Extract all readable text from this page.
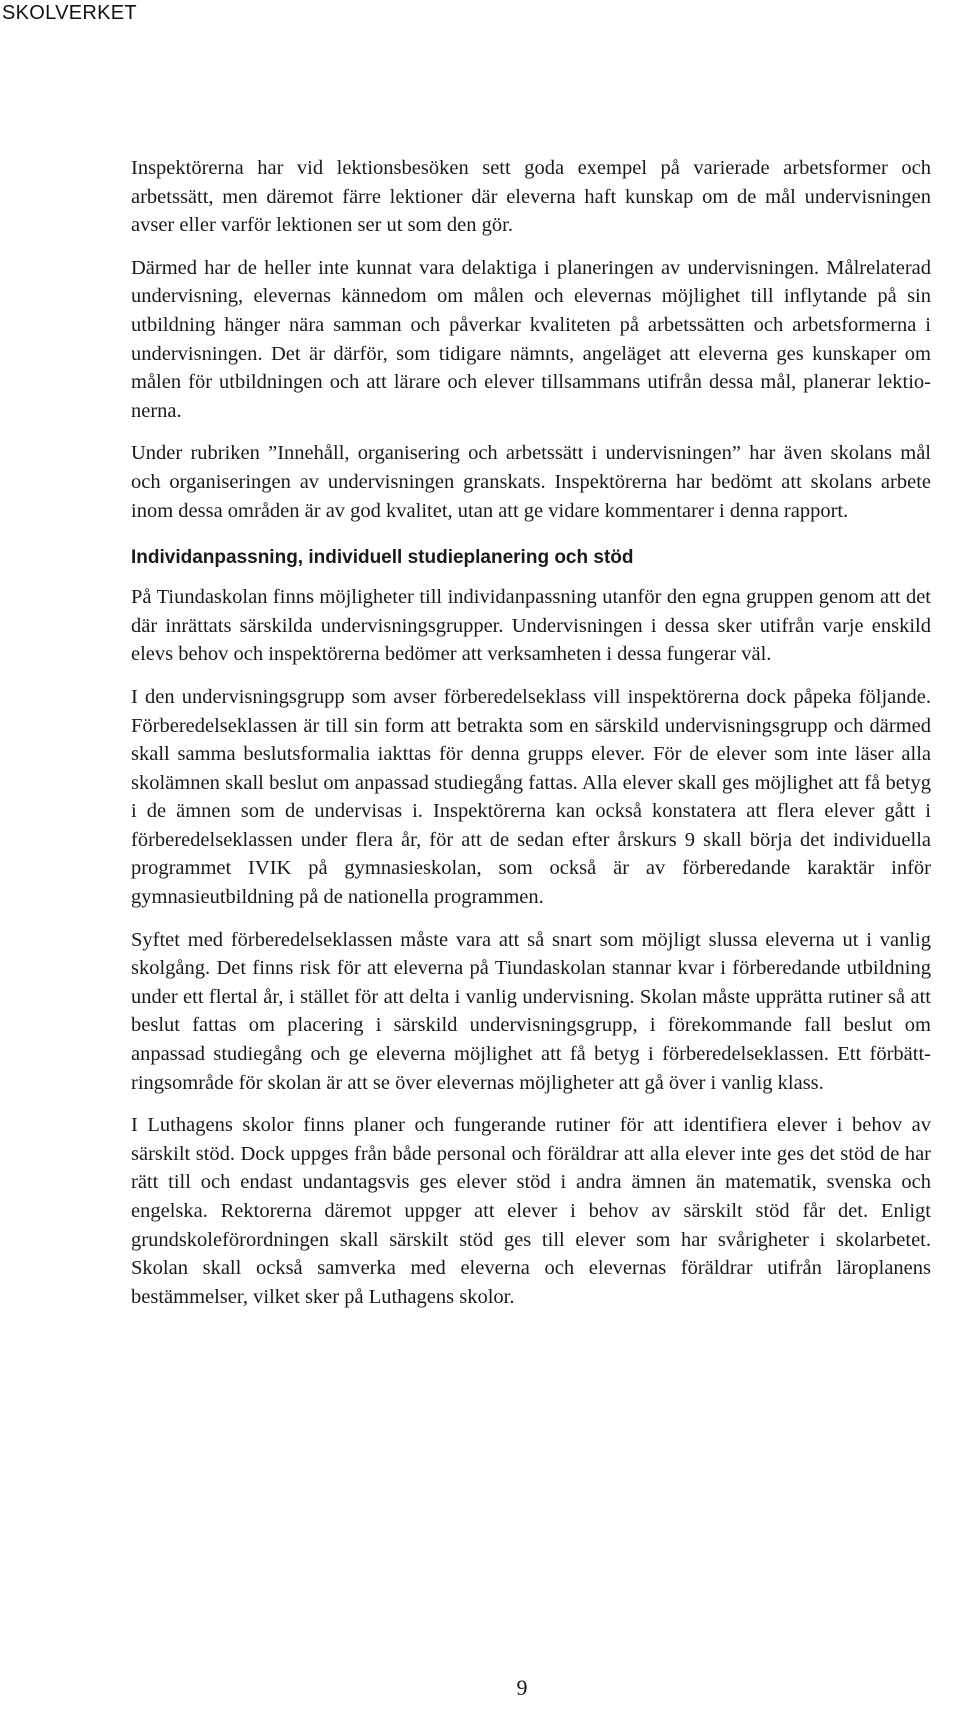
SKOLVERKET

Inspektörerna har vid lektionsbesöken sett goda exempel på varierade arbetsformer och arbetssätt, men däremot färre lektioner där eleverna haft kunskap om de mål undervisningen avser eller varför lektionen ser ut som den gör.

Därmed har de heller inte kunnat vara delaktiga i planeringen av undervisningen. Målrelaterad undervisning, elevernas kännedom om målen och elevernas möjlighet till inflytande på sin utbildning hänger nära samman och påverkar kvaliteten på arbetssätten och arbetsformerna i undervisningen. Det är därför, som tidigare nämnts, angeläget att eleverna ges kunskaper om målen för utbildningen och att lärare och elever tillsammans utifrån dessa mål, planerar lektionerna.

Under rubriken ”Innehåll, organisering och arbetssätt i undervisningen” har även skolans mål och organiseringen av undervisningen granskats. Inspektörerna har bedömt att skolans arbete inom dessa områden är av god kvalitet, utan att ge vidare kommentarer i denna rapport.

Individanpassning, individuell studieplanering och stöd

På Tiundaskolan finns möjligheter till individanpassning utanför den egna gruppen genom att det där inrättats särskilda undervisningsgrupper. Undervisningen i dessa sker utifrån varje enskild elevs behov och inspektörerna bedömer att verksamheten i dessa fungerar väl.

I den undervisningsgrupp som avser förberedelseklass vill inspektörerna dock påpeka följande. Förberedelseklassen är till sin form att betrakta som en särskild undervisningsgrupp och därmed skall samma beslutsformalia iakttas för denna grupps elever. För de elever som inte läser alla skolämnen skall beslut om anpassad studiegång fattas. Alla elever skall ges möjlighet att få betyg i de ämnen som de undervisas i. Inspektörerna kan också konstatera att flera elever gått i förberedelseklassen under flera år, för att de sedan efter årskurs 9 skall börja det individuella programmet IVIK på gymnasieskolan, som också är av förberedande karaktär inför gymnasieutbildning på de nationella programmen.

Syftet med förberedelseklassen måste vara att så snart som möjligt slussa eleverna ut i vanlig skolgång. Det finns risk för att eleverna på Tiundaskolan stannar kvar i förberedande utbildning under ett flertal år, i stället för att delta i vanlig undervisning. Skolan måste upprätta rutiner så att beslut fattas om placering i särskild undervisningsgrupp, i förekommande fall beslut om anpassad studiegång och ge eleverna möjlighet att få betyg i förberedelseklassen. Ett förbättringsområde för skolan är att se över elevernas möjligheter att gå över i vanlig klass.

I Luthagens skolor finns planer och fungerande rutiner för att identifiera elever i behov av särskilt stöd. Dock uppges från både personal och föräldrar att alla elever inte ges det stöd de har rätt till och endast undantagsvis ges elever stöd i andra ämnen än matematik, svenska och engelska. Rektorerna däremot uppger att elever i behov av särskilt stöd får det. Enligt grundskoleförordningen skall särskilt stöd ges till elever som har svårigheter i skolarbetet. Skolan skall också samverka med eleverna och elevernas föräldrar utifrån läroplanens bestämmelser, vilket sker på Luthagens skolor.

9
